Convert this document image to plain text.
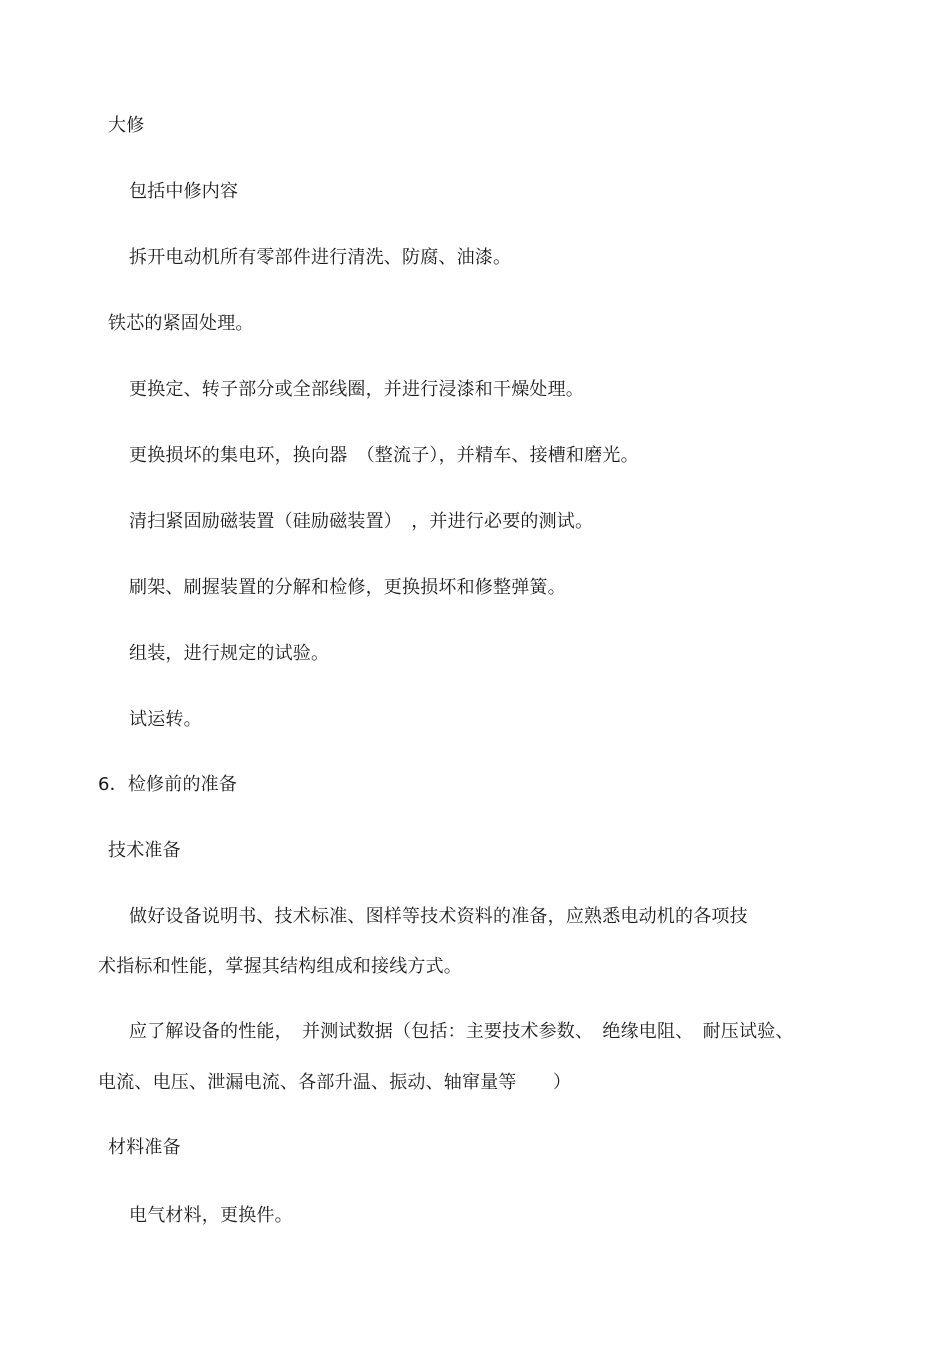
大修
包括中修内容
拆开电动机所有零部件进行清洗、防腐、油漆。
铁芯的紧固处理。
更换定、转子部分或全部线圈，并进行浸漆和干燥处理。
更换损坏的集电环，换向器　（整流子），并精车、接槽和磨光。
清扫紧固励磁装置（硅励磁装置）　，并进行必要的测试。
刷架、刷握装置的分解和检修，更换损坏和修整弹簧。
组装，进行规定的试验。
试运转。
6．检修前的准备
技术准备
做好设备说明书、技术标准、图样等技术资料的准备，应熟悉电动机的各项技
术指标和性能，掌握其结构组成和接线方式。
应了解设备的性能，　并测试数据（包括：主要技术参数、　绝缘电阻、　耐压试验、
电流、电压、泄漏电流、各部升温、振动、轴窜量等　　）
材料准备
电气材料，更换件。
